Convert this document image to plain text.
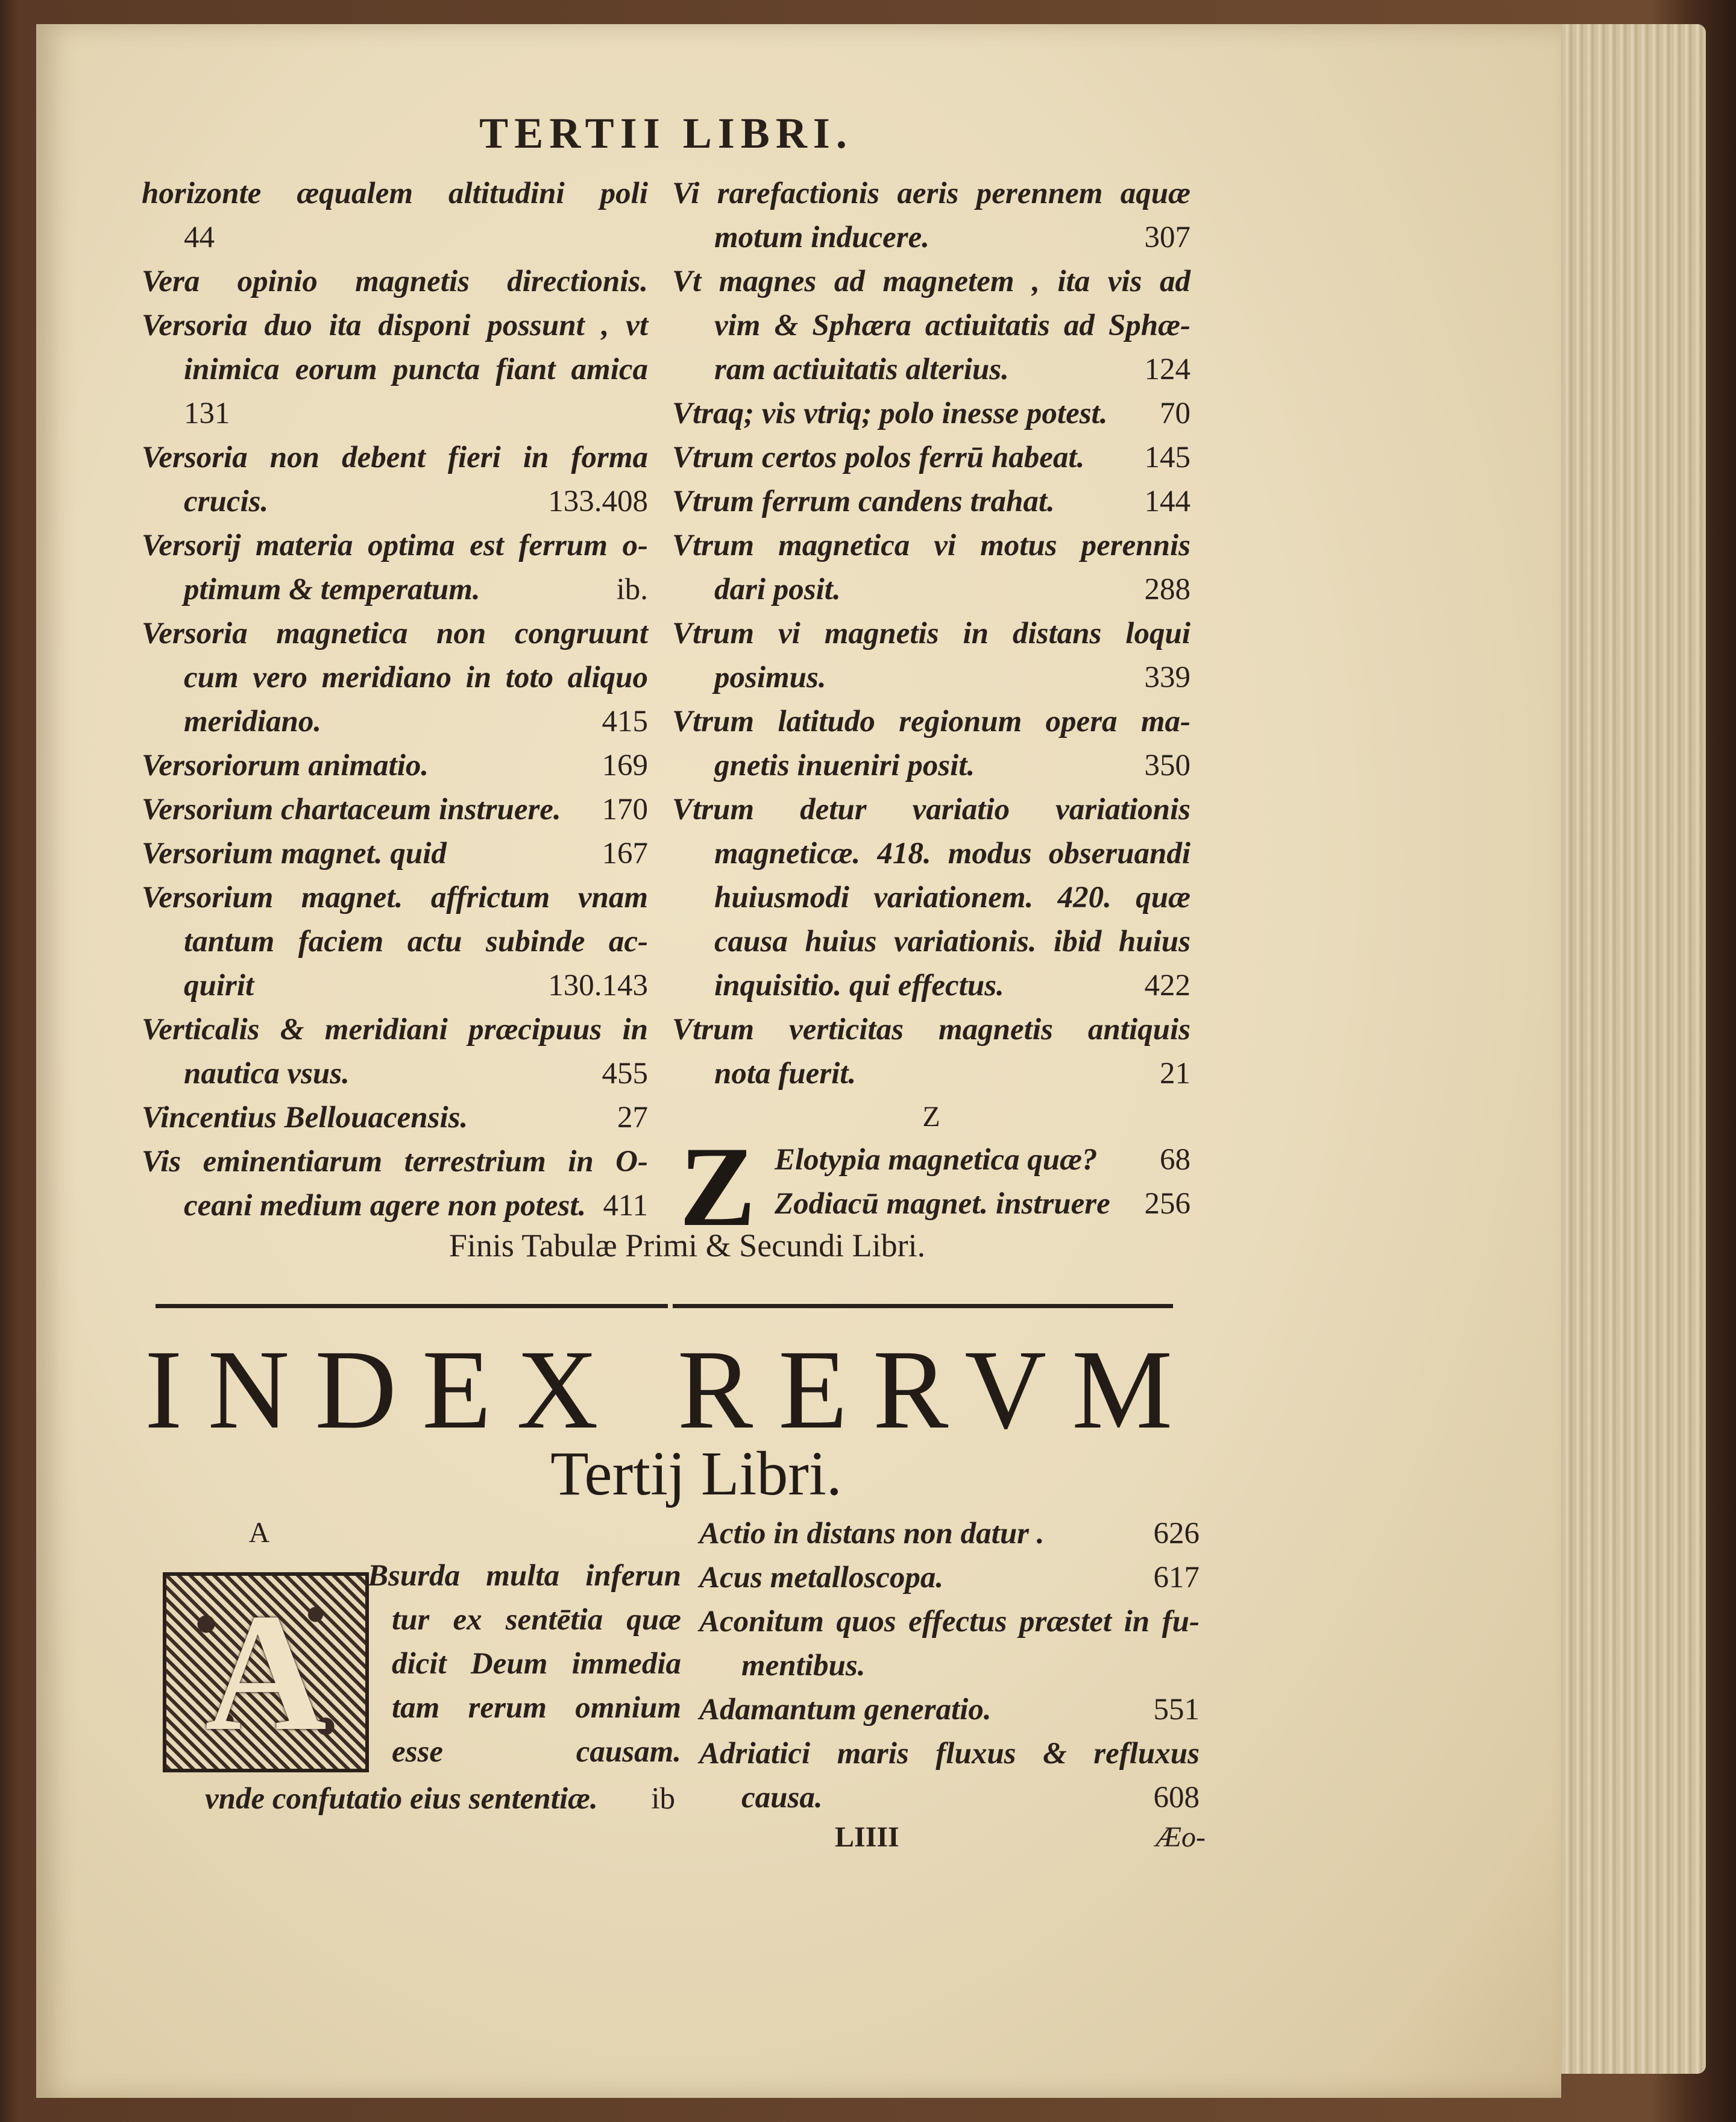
TERTII LIBRI.
horizonte æqualem altitudini poli
44
Vera opinio magnetis directionis.
Versoria duo ita disponi possunt , vt
inimica eorum puncta fiant amica
131
Versoria non debent fieri in forma
crucis.	133.408
Versorij materia optima est ferrum o-
ptimum & temperatum.	ib.
Versoria magnetica non congruunt
cum vero meridiano in toto aliquo
meridiano.	415
Versoriorum animatio.	169
Versorium chartaceum instruere. 170
Versorium magnet. quid	167
Versorium magnet. affrictum vnam
tantum faciem actu subinde ac-
quirit	130.143
Verticalis & meridiani præcipuus in
nautica vsus.	455
Vincentius Bellouacensis.	27
Vis eminentiarum terrestrium in O-
ceani medium agere non potest. 411
Vi rarefactionis aeris perennem aquæ
motum inducere.	307
Vt magnes ad magnetem , ita vis ad
vim & Sphæra actiuitatis ad Sphæ-
ram actiuitatis alterius.	124
Vtraq; vis vtriq; polo inesse potest. 70
Vtrum certos polos ferrū habeat. 145
Vtrum ferrum candens trahat.	144
Vtrum magnetica vi motus perennis
dari posit.	288
Vtrum vi magnetis in distans loqui
posimus.	339
Vtrum latitudo regionum opera ma-
gnetis inueniri posit.	350
Vtrum detur variatio variationis
magneticæ. 418. modus obseruandi
huiusmodi variationem. 420. quæ
causa huius variationis. ibid huius
inquisitio. qui effectus.	422
Vtrum verticitas magnetis antiquis
nota fuerit.	21
Z
Z Elotypia magnetica quæ? 68
Zodiacū magnet. instruere 256
Finis Tabulæ Primi & Secundi Libri.
INDEX RERVM
Tertij Libri.
A
A
Bsurda multa inferun
tur ex sentētia quæ
dicit Deum immedia
tam rerum omnium
esse causam.
vnde confutatio eius sententiæ. ib
Actio in distans non datur .	626
Acus metalloscopa.	617
Aconitum quos effectus præstet in fu-
mentibus.
Adamantum generatio.	551
Adriatici maris fluxus & refluxus
causa.	608
LIIII	Æo-
